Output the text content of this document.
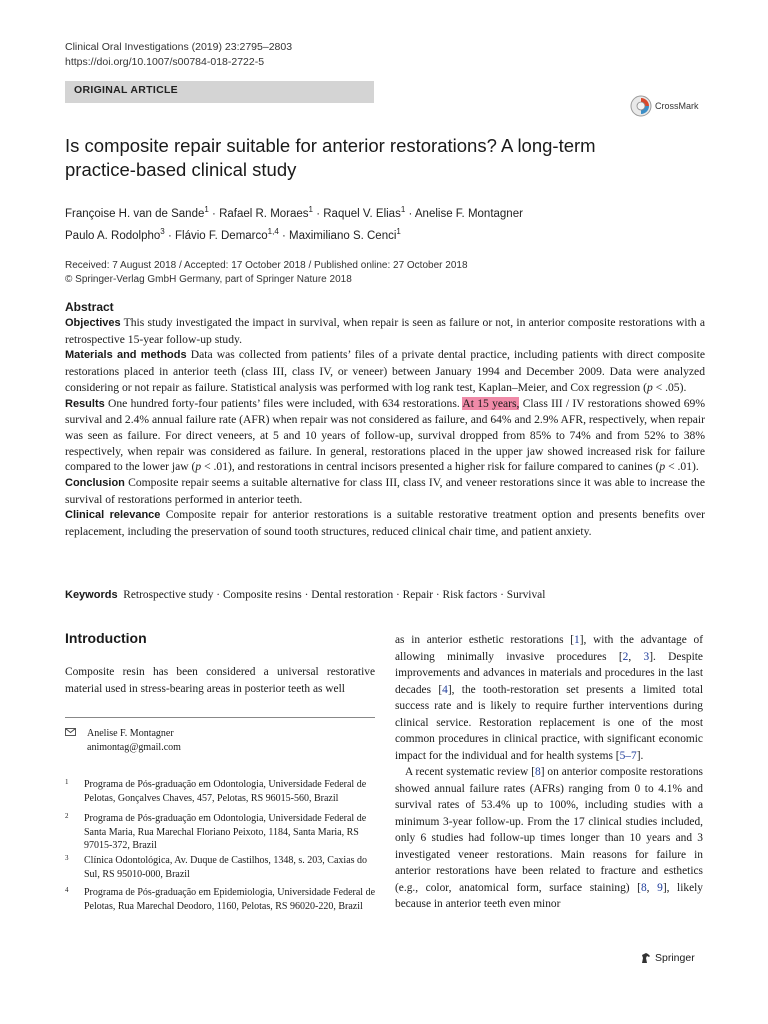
Clinical Oral Investigations (2019) 23:2795–2803
https://doi.org/10.1007/s00784-018-2722-5
ORIGINAL ARTICLE
CrossMark
Is composite repair suitable for anterior restorations? A long-term practice-based clinical study
Françoise H. van de Sande$^1$ · Rafael R. Moraes$^1$ · Raquel V. Elias$^1$ · Anelise F. Montagner
Paulo A. Rodolpho$^3$ · Flávio F. Demarco$^{1,4}$ · Maximiliano S. Cenci$^1$
Received: 7 August 2018 / Accepted: 17 October 2018 / Published online: 27 October 2018
© Springer-Verlag GmbH Germany, part of Springer Nature 2018
Abstract

Objectives This study investigated the impact in survival, when repair is seen as failure or not, in anterior composite restorations with a retrospective 15-year follow-up study.

Materials and methods Data was collected from patients’ files of a private dental practice, including patients with direct composite restorations placed in anterior teeth (class III, class IV, or veneer) between January 1994 and December 2009. Data were analyzed considering or not repair as failure. Statistical analysis was performed with log rank test, Kaplan–Meier, and Cox regression (p < .05).

Results One hundred forty-four patients’ files were included, with 634 restorations. At 15 years, Class III / IV restorations showed 69% survival and 2.4% annual failure rate (AFR) when repair was not considered as failure, and 64% and 2.9% AFR, respectively, when repair was seen as failure. For direct veneers, at 5 and 10 years of follow-up, survival dropped from 85% to 74% and from 52% to 38% respectively, when repair was considered as failure. In general, restorations placed in the upper jaw showed increased risk for failure compared to the lower jaw (p < .01), and restorations in central incisors presented a higher risk for failure compared to canines (p < .01).

Conclusion Composite repair seems a suitable alternative for class III, class IV, and veneer restorations since it was able to increase the survival of restorations performed in anterior teeth.

Clinical relevance Composite repair for anterior restorations is a suitable restorative treatment option and presents benefits over replacement, including the preservation of sound tooth structures, reduced clinical chair time, and patient anxiety.

Keywords Retrospective study · Composite resins · Dental restoration · Repair · Risk factors · Survival
Introduction

Composite resin has been considered a universal restorative material used in stress-bearing areas in posterior teeth as well

Anelise F. Montagner
animontag@gmail.com
1 Programa de Pós-graduação em Odontologia, Universidade Federal de Pelotas, Gonçalves Chaves, 457, Pelotas, RS 96015-560, Brazil
2 Programa de Pós-graduação em Odontologia, Universidade Federal de Santa Maria, Rua Marechal Floriano Peixoto, 1184, Santa Maria, RS 97015-372, Brazil
3 Clínica Odontológica, Av. Duque de Castilhos, 1348, s. 203, Caxias do Sul, RS 95010-000, Brazil
4 Programa de Pós-graduação em Epidemiologia, Universidade Federal de Pelotas, Rua Marechal Deodoro, 1160, Pelotas, RS 96020-220, Brazil

as in anterior esthetic restorations [1], with the advantage of allowing minimally invasive procedures [2, 3]. Despite improvements and advances in materials and procedures in the last decades [4], the tooth-restoration set presents a limited total success rate and is likely to require further interventions during clinical service. Restoration replacement is one of the most common procedures in clinical practice, with significant economic impact for the individual and for health systems [5–7].

A recent systematic review [8] on anterior composite restorations showed annual failure rates (AFRs) ranging from 0 to 4.1% and survival rates of 53.4% up to 100%, including studies with a minimum 3-year follow-up. From the 17 clinical studies included, only 6 studies had follow-up times longer than 10 years and 3 investigated veneer restorations. Main reasons for failure in anterior restorations have been related to fracture and esthetics (e.g., color, anatomical form, surface staining) [8, 9], likely because in anterior teeth even minor

Springer
